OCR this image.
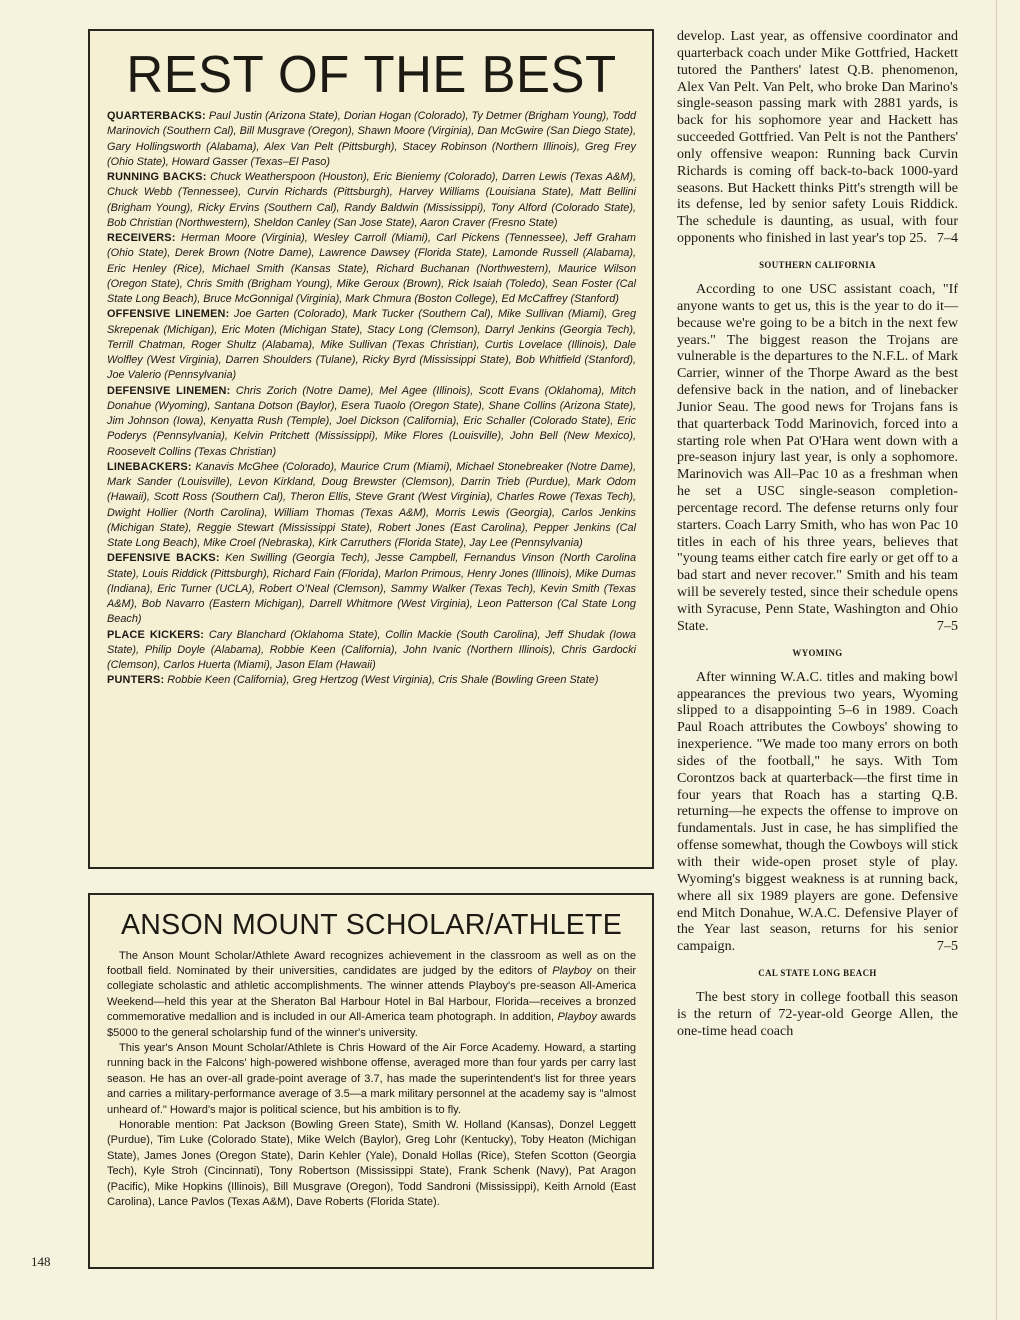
REST OF THE BEST

QUARTERBACKS: Paul Justin (Arizona State), Dorian Hogan (Colorado), Ty Detmer (Brigham Young), Todd Marinovich (Southern Cal), Bill Musgrave (Oregon), Shawn Moore (Virginia), Dan McGwire (San Diego State), Gary Hollingsworth (Alabama), Alex Van Pelt (Pittsburgh), Stacey Robinson (Northern Illinois), Greg Frey (Ohio State), Howard Gasser (Texas–El Paso)

RUNNING BACKS: Chuck Weatherspoon (Houston), Eric Bieniemy (Colorado), Darren Lewis (Texas A&M), Chuck Webb (Tennessee), Curvin Richards (Pittsburgh), Harvey Williams (Louisiana State), Matt Bellini (Brigham Young), Ricky Ervins (Southern Cal), Randy Baldwin (Mississippi), Tony Alford (Colorado State), Bob Christian (Northwestern), Sheldon Canley (San Jose State), Aaron Craver (Fresno State)

RECEIVERS: Herman Moore (Virginia), Wesley Carroll (Miami), Carl Pickens (Tennessee), Jeff Graham (Ohio State), Derek Brown (Notre Dame), Lawrence Dawsey (Florida State), Lamonde Russell (Alabama), Eric Henley (Rice), Michael Smith (Kansas State), Richard Buchanan (Northwestern), Maurice Wilson (Oregon State), Chris Smith (Brigham Young), Mike Geroux (Brown), Rick Isaiah (Toledo), Sean Foster (Cal State Long Beach), Bruce McGonnigal (Virginia), Mark Chmura (Boston College), Ed McCaffrey (Stanford)

OFFENSIVE LINEMEN: Joe Garten (Colorado), Mark Tucker (Southern Cal), Mike Sullivan (Miami), Greg Skrepenak (Michigan), Eric Moten (Michigan State), Stacy Long (Clemson), Darryl Jenkins (Georgia Tech), Terrill Chatman, Roger Shultz (Alabama), Mike Sullivan (Texas Christian), Curtis Lovelace (Illinois), Dale Wolfley (West Virginia), Darren Shoulders (Tulane), Ricky Byrd (Mississippi State), Bob Whitfield (Stanford), Joe Valerio (Pennsylvania)

DEFENSIVE LINEMEN: Chris Zorich (Notre Dame), Mel Agee (Illinois), Scott Evans (Oklahoma), Mitch Donahue (Wyoming), Santana Dotson (Baylor), Esera Tuaolo (Oregon State), Shane Collins (Arizona State), Jim Johnson (Iowa), Kenyatta Rush (Temple), Joel Dickson (California), Eric Schaller (Colorado State), Eric Poderys (Pennsylvania), Kelvin Pritchett (Mississippi), Mike Flores (Louisville), John Bell (New Mexico), Roosevelt Collins (Texas Christian)

LINEBACKERS: Kanavis McGhee (Colorado), Maurice Crum (Miami), Michael Stonebreaker (Notre Dame), Mark Sander (Louisville), Levon Kirkland, Doug Brewster (Clemson), Darrin Trieb (Purdue), Mark Odom (Hawaii), Scott Ross (Southern Cal), Theron Ellis, Steve Grant (West Virginia), Charles Rowe (Texas Tech), Dwight Hollier (North Carolina), William Thomas (Texas A&M), Morris Lewis (Georgia), Carlos Jenkins (Michigan State), Reggie Stewart (Mississippi State), Robert Jones (East Carolina), Pepper Jenkins (Cal State Long Beach), Mike Croel (Nebraska), Kirk Carruthers (Florida State), Jay Lee (Pennsylvania)

DEFENSIVE BACKS: Ken Swilling (Georgia Tech), Jesse Campbell, Fernandus Vinson (North Carolina State), Louis Riddick (Pittsburgh), Richard Fain (Florida), Marlon Primous, Henry Jones (Illinois), Mike Dumas (Indiana), Eric Turner (UCLA), Robert O'Neal (Clemson), Sammy Walker (Texas Tech), Kevin Smith (Texas A&M), Bob Navarro (Eastern Michigan), Darrell Whitmore (West Virginia), Leon Patterson (Cal State Long Beach)

PLACE KICKERS: Cary Blanchard (Oklahoma State), Collin Mackie (South Carolina), Jeff Shudak (Iowa State), Philip Doyle (Alabama), Robbie Keen (California), John Ivanic (Northern Illinois), Chris Gardocki (Clemson), Carlos Huerta (Miami), Jason Elam (Hawaii)

PUNTERS: Robbie Keen (California), Greg Hertzog (West Virginia), Cris Shale (Bowling Green State)

ANSON MOUNT SCHOLAR/ATHLETE

The Anson Mount Scholar/Athlete Award recognizes achievement in the classroom as well as on the football field. Nominated by their universities, candidates are judged by the editors of Playboy on their collegiate scholastic and athletic accomplishments. The winner attends Playboy's pre-season All-America Weekend—held this year at the Sheraton Bal Harbour Hotel in Bal Harbour, Florida—receives a bronzed commemorative medallion and is included in our All-America team photograph. In addition, Playboy awards $5000 to the general scholarship fund of the winner's university.

This year's Anson Mount Scholar/Athlete is Chris Howard of the Air Force Academy. Howard, a starting running back in the Falcons' high-powered wishbone offense, averaged more than four yards per carry last season. He has an over-all grade-point average of 3.7, has made the superintendent's list for three years and carries a military-performance average of 3.5—a mark military personnel at the academy say is "almost unheard of." Howard's major is political science, but his ambition is to fly.

Honorable mention: Pat Jackson (Bowling Green State), Smith W. Holland (Kansas), Donzel Leggett (Purdue), Tim Luke (Colorado State), Mike Welch (Baylor), Greg Lohr (Kentucky), Toby Heaton (Michigan State), James Jones (Oregon State), Darin Kehler (Yale), Donald Hollas (Rice), Stefen Scotton (Georgia Tech), Kyle Stroh (Cincinnati), Tony Robertson (Mississippi State), Frank Schenk (Navy), Pat Aragon (Pacific), Mike Hopkins (Illinois), Bill Musgrave (Oregon), Todd Sandroni (Mississippi), Keith Arnold (East Carolina), Lance Pavlos (Texas A&M), Dave Roberts (Florida State).

develop. Last year, as offensive coordinator and quarterback coach under Mike Gottfried, Hackett tutored the Panthers' latest Q.B. phenomenon, Alex Van Pelt. Van Pelt, who broke Dan Marino's single-season passing mark with 2881 yards, is back for his sophomore year and Hackett has succeeded Gottfried. Van Pelt is not the Panthers' only offensive weapon: Running back Curvin Richards is coming off back-to-back 1000-yard seasons. But Hackett thinks Pitt's strength will be its defense, led by senior safety Louis Riddick. The schedule is daunting, as usual, with four opponents who finished in last year's top 25. 7–4

SOUTHERN CALIFORNIA

According to one USC assistant coach, "If anyone wants to get us, this is the year to do it—because we're going to be a bitch in the next few years." The biggest reason the Trojans are vulnerable is the departures to the N.F.L. of Mark Carrier, winner of the Thorpe Award as the best defensive back in the nation, and of linebacker Junior Seau. The good news for Trojans fans is that quarterback Todd Marinovich, forced into a starting role when Pat O'Hara went down with a pre-season injury last year, is only a sophomore. Marinovich was All–Pac 10 as a freshman when he set a USC single-season completion-percentage record. The defense returns only four starters. Coach Larry Smith, who has won Pac 10 titles in each of his three years, believes that "young teams either catch fire early or get off to a bad start and never recover." Smith and his team will be severely tested, since their schedule opens with Syracuse, Penn State, Washington and Ohio State.	7–5

WYOMING

After winning W.A.C. titles and making bowl appearances the previous two years, Wyoming slipped to a disappointing 5–6 in 1989. Coach Paul Roach attributes the Cowboys' showing to inexperience. "We made too many errors on both sides of the football," he says. With Tom Corontzos back at quarterback—the first time in four years that Roach has a starting Q.B. returning—he expects the offense to improve on fundamentals. Just in case, he has simplified the offense somewhat, though the Cowboys will stick with their wide-open proset style of play. Wyoming's biggest weakness is at running back, where all six 1989 players are gone. Defensive end Mitch Donahue, W.A.C. Defensive Player of the Year last season, returns for his senior campaign.	7–5

CAL STATE LONG BEACH

The best story in college football this season is the return of 72-year-old George Allen, the one-time head coach

148
